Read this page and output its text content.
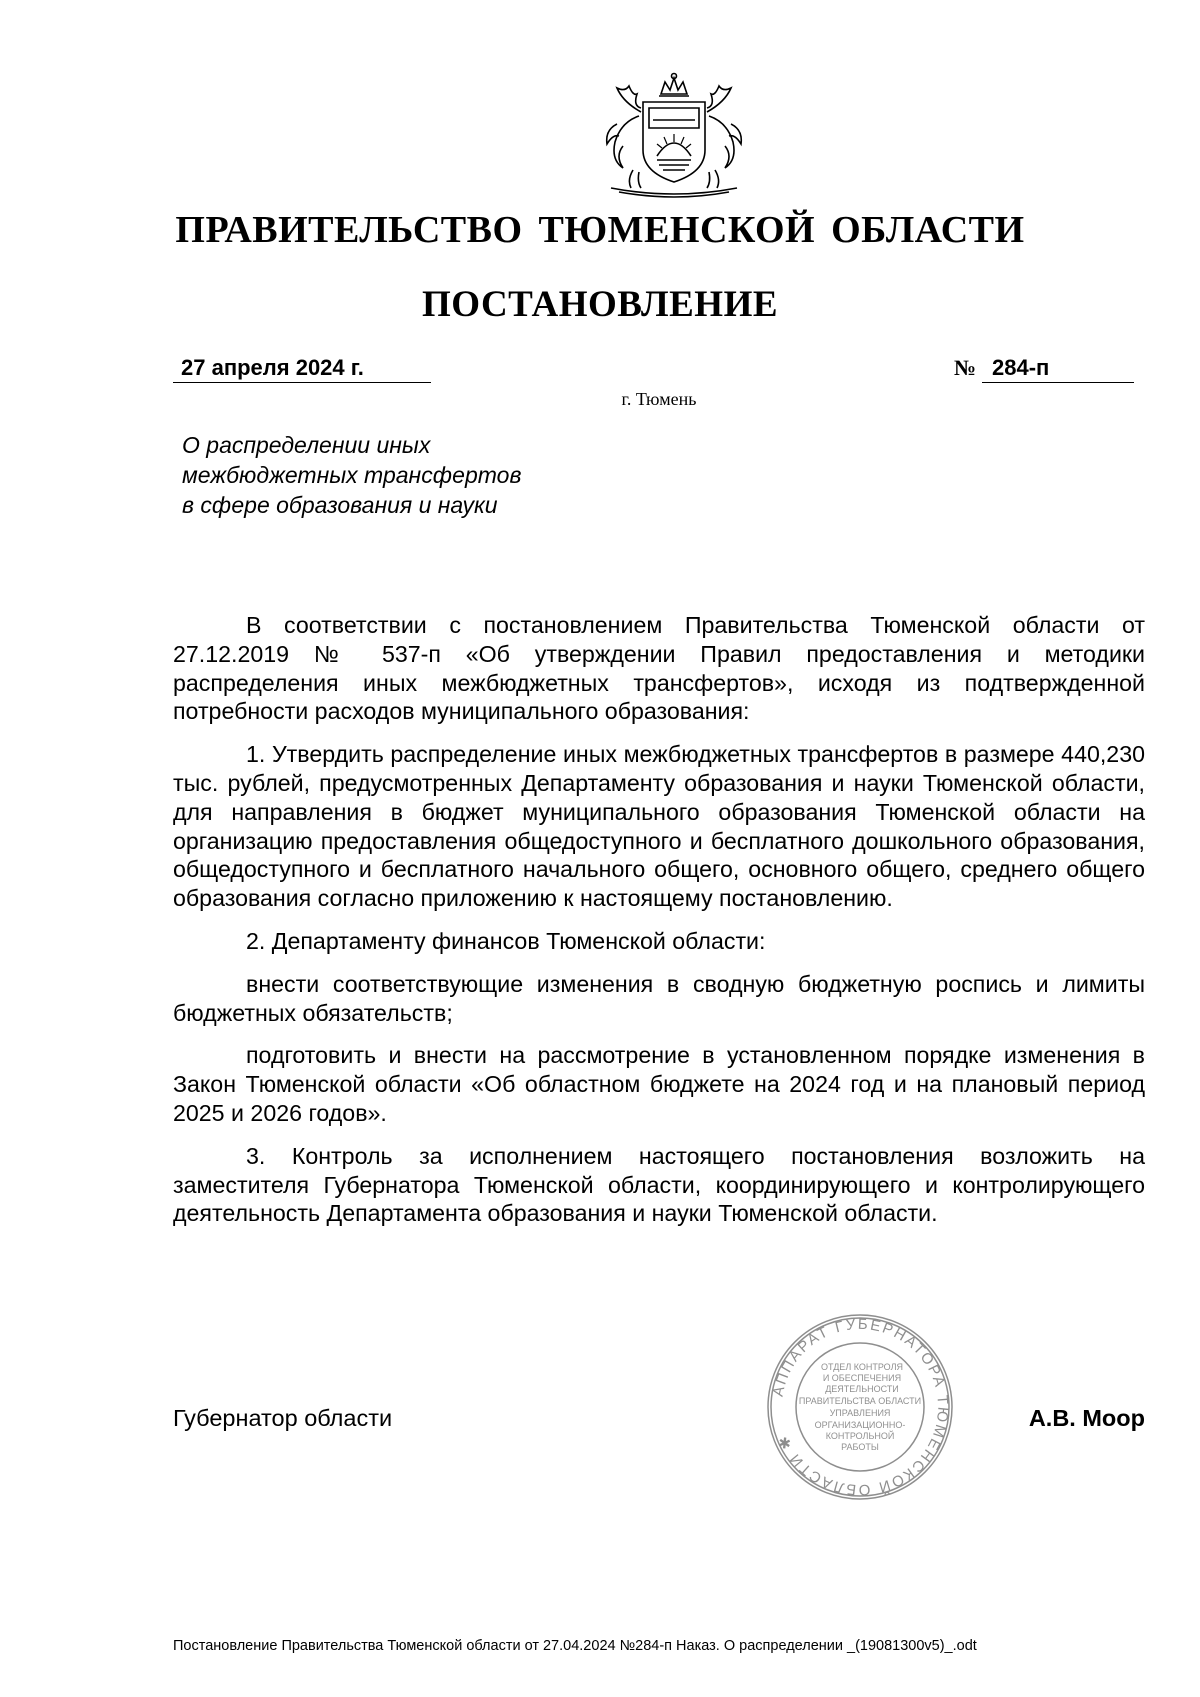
ПРАВИТЕЛЬСТВО ТЮМЕНСКОЙ ОБЛАСТИ
ПОСТАНОВЛЕНИЕ
27 апреля 2024 г.	№ 284-п
г. Тюмень
О распределении иных
межбюджетных трансфертов
в сфере образования и науки

В соответствии с постановлением Правительства Тюменской области от 27.12.2019 № 537-п «Об утверждении Правил предоставления и методики распределения иных межбюджетных трансфертов», исходя из подтвержденной потребности расходов муниципального образования:

1. Утвердить распределение иных межбюджетных трансфертов в размере 440,230 тыс. рублей, предусмотренных Департаменту образования и науки Тюменской области, для направления в бюджет муниципального образования Тюменской области на организацию предоставления общедоступного и бесплатного дошкольного образования, общедоступного и бесплатного начального общего, основного общего, среднего общего образования согласно приложению к настоящему постановлению.

2. Департаменту финансов Тюменской области:

внести соответствующие изменения в сводную бюджетную роспись и лимиты бюджетных обязательств;

подготовить и внести на рассмотрение в установленном порядке изменения в Закон Тюменской области «Об областном бюджете на 2024 год и на плановый период 2025 и 2026 годов».

3. Контроль за исполнением настоящего постановления возложить на заместителя Губернатора Тюменской области, координирующего и контролирующего деятельность Департамента образования и науки Тюменской области.

АППАРАТ ГУБЕРНАТОРА ТЮМЕНСКОЙ ОБЛАСТИ ✱
ОТДЕЛ КОНТРОЛЯ
И ОБЕСПЕЧЕНИЯ
ДЕЯТЕЛЬНОСТИ
ПРАВИТЕЛЬСТВА ОБЛАСТИ
УПРАВЛЕНИЯ
ОРГАНИЗАЦИОННО-
КОНТРОЛЬНОЙ
РАБОТЫ
Губернатор области	А.В. Моор
Постановление Правительства Тюменской области от 27.04.2024 №284-п Наказ. О распределении _(19081300v5)_.odt
